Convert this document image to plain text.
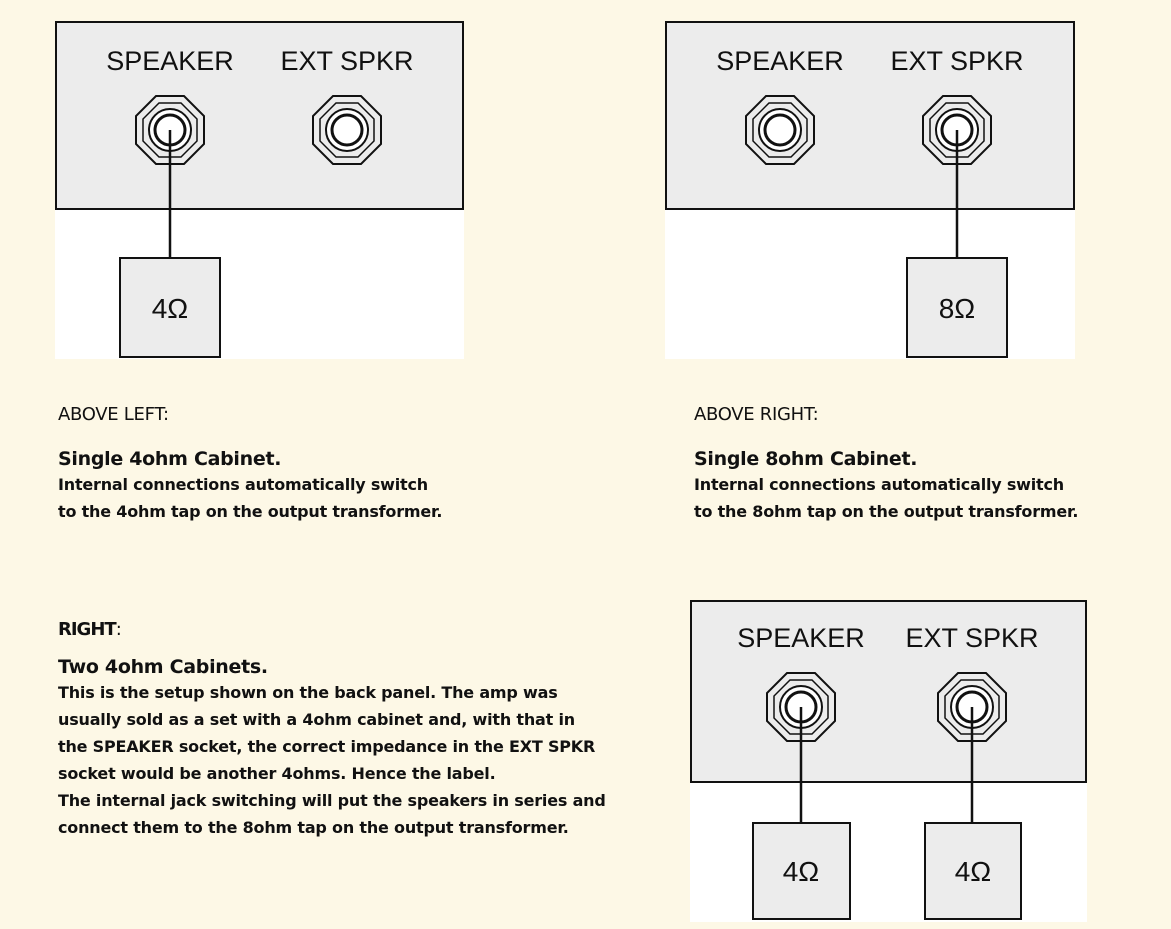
SPEAKER EXT SPKR
4Ω
SPEAKER EXT SPKR
8Ω
SPEAKER EXT SPKR
4Ω	4Ω

ABOVE LEFT:

Single 4ohm Cabinet.

Internal connections automatically switch
to the 4ohm tap on the output transformer.

ABOVE RIGHT:

Single 8ohm Cabinet.

Internal connections automatically switch
to the 8ohm tap on the output transformer.

RIGHT:

Two 4ohm Cabinets.

This is the setup shown on the back panel. The amp was
usually sold as a set with a 4ohm cabinet and, with that in
the SPEAKER socket, the correct impedance in the EXT SPKR
socket would be another 4ohms. Hence the label.
The internal jack switching will put the speakers in series and
connect them to the 8ohm tap on the output transformer.
